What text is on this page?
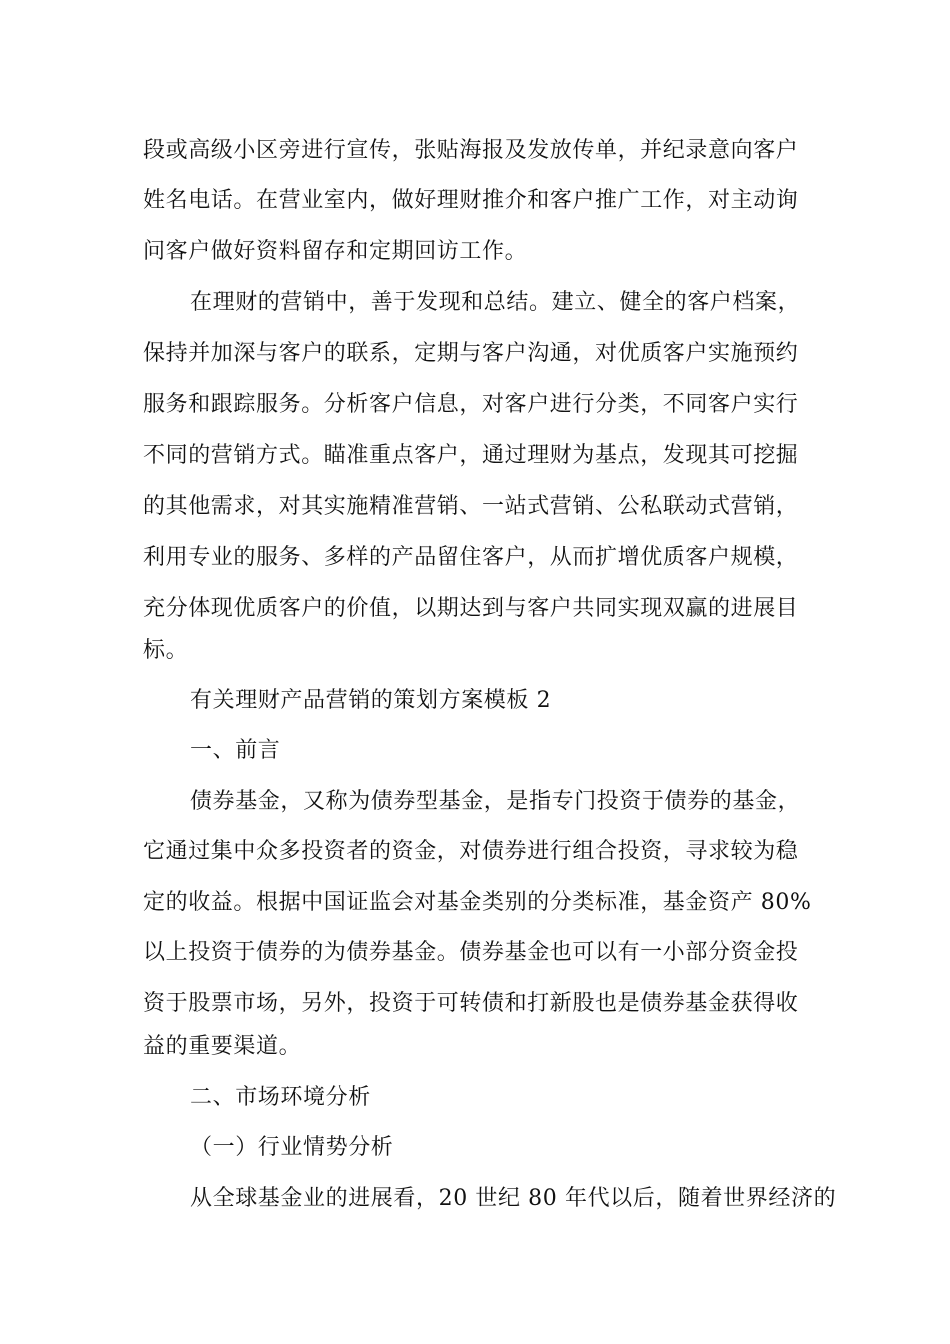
段或高级小区旁进行宣传，张贴海报及发放传单，并纪录意向客户
姓名电话。在营业室内，做好理财推介和客户推广工作，对主动询
问客户做好资料留存和定期回访工作。
在理财的营销中，善于发现和总结。建立、健全的客户档案，
保持并加深与客户的联系，定期与客户沟通，对优质客户实施预约
服务和跟踪服务。分析客户信息，对客户进行分类，不同客户实行
不同的营销方式。瞄准重点客户，通过理财为基点，发现其可挖掘
的其他需求，对其实施精准营销、一站式营销、公私联动式营销，
利用专业的服务、多样的产品留住客户，从而扩增优质客户规模，
充分体现优质客户的价值，以期达到与客户共同实现双赢的进展目
标。
有关理财产品营销的策划方案模板 2
一、前言
债券基金，又称为债券型基金，是指专门投资于债券的基金，
它通过集中众多投资者的资金，对债券进行组合投资，寻求较为稳
定的收益。根据中国证监会对基金类别的分类标准，基金资产 80%
以上投资于债券的为债券基金。债券基金也可以有一小部分资金投
资于股票市场，另外，投资于可转债和打新股也是债券基金获得收
益的重要渠道。
二、市场环境分析
（一）行业情势分析
从全球基金业的进展看，20 世纪 80 年代以后，随着世界经济的
